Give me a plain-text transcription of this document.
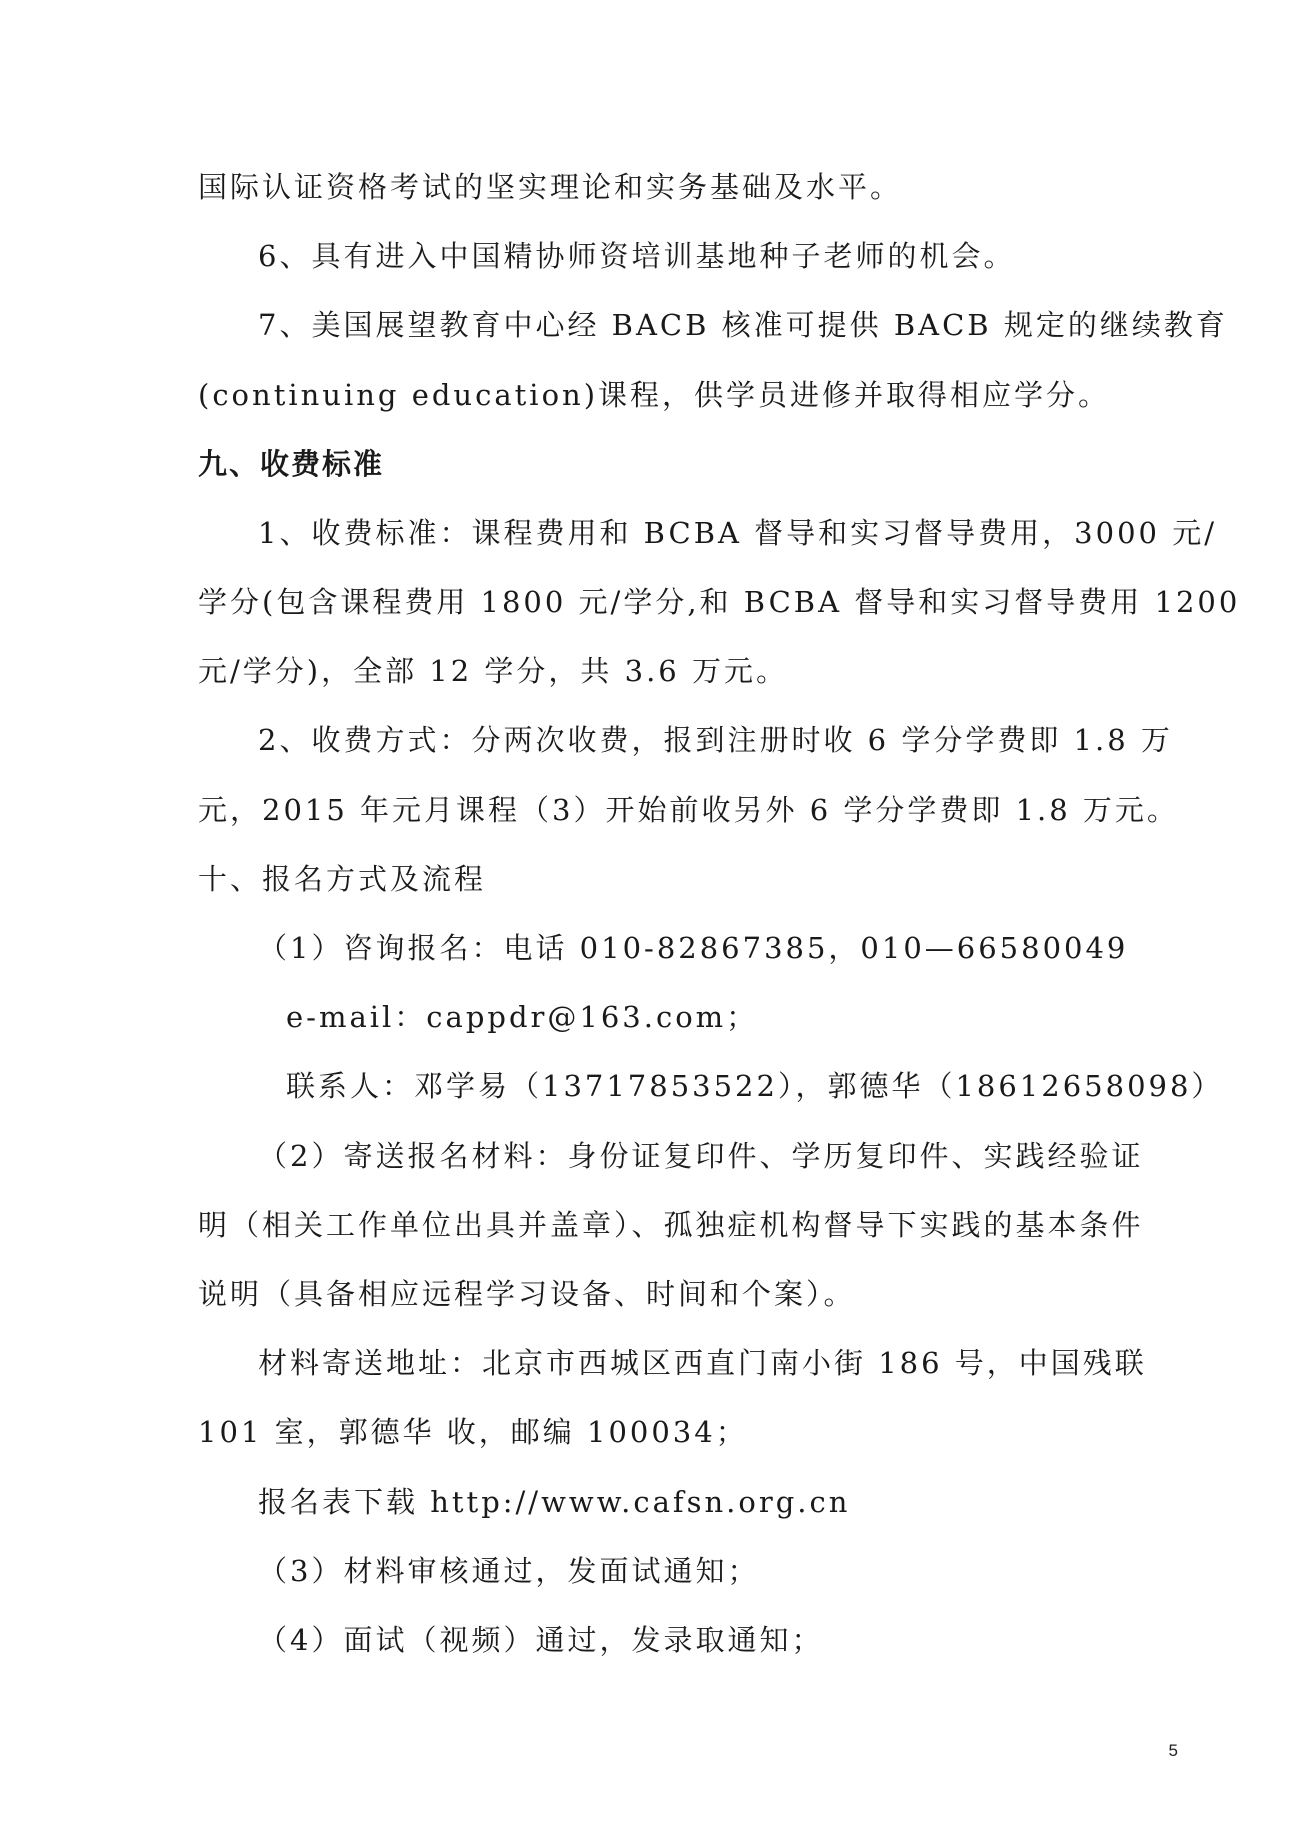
国际认证资格考试的坚实理论和实务基础及水平。
6、具有进入中国精协师资培训基地种子老师的机会。
7、美国展望教育中心经 BACB 核准可提供 BACB 规定的继续教育
(continuing education)课程，供学员进修并取得相应学分。
九、收费标准
1、收费标准：课程费用和 BCBA 督导和实习督导费用，3000 元/
学分(包含课程费用 1800 元/学分,和 BCBA 督导和实习督导费用 1200
元/学分)，全部 12 学分，共 3.6 万元。
2、收费方式：分两次收费，报到注册时收 6 学分学费即 1.8 万
元，2015 年元月课程（3）开始前收另外 6 学分学费即 1.8 万元。
十、报名方式及流程
（1）咨询报名：电话 010-82867385，010—66580049
e-mail：cappdr@163.com；
联系人：邓学易（13717853522），郭德华（18612658098）
（2）寄送报名材料：身份证复印件、学历复印件、实践经验证
明（相关工作单位出具并盖章）、孤独症机构督导下实践的基本条件
说明（具备相应远程学习设备、时间和个案）。
材料寄送地址：北京市西城区西直门南小街 186 号，中国残联
101 室，郭德华 收，邮编 100034；
报名表下载 http://www.cafsn.org.cn
（3）材料审核通过，发面试通知；
（4）面试（视频）通过，发录取通知；
5
